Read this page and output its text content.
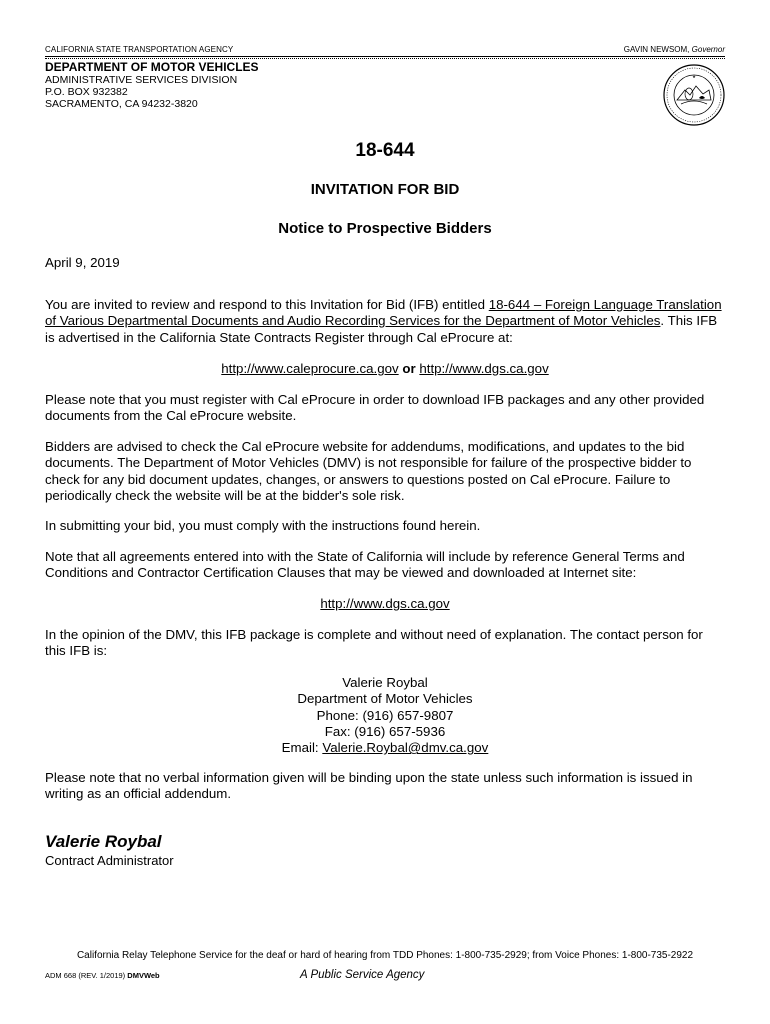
CALIFORNIA STATE TRANSPORTATION AGENCY	GAVIN NEWSOM, Governor
DEPARTMENT OF MOTOR VEHICLES
ADMINISTRATIVE SERVICES DIVISION
P.O. BOX 932382
SACRAMENTO, CA 94232-3820
★
18-644
INVITATION FOR BID
Notice to Prospective Bidders
April 9, 2019
You are invited to review and respond to this Invitation for Bid (IFB) entitled 18-644 – Foreign Language Translation of Various Departmental Documents and Audio Recording Services for the Department of Motor Vehicles. This IFB is advertised in the California State Contracts Register through Cal eProcure at:
http://www.caleprocure.ca.gov or http://www.dgs.ca.gov
Please note that you must register with Cal eProcure in order to download IFB packages and any other provided documents from the Cal eProcure website.
Bidders are advised to check the Cal eProcure website for addendums, modifications, and updates to the bid documents. The Department of Motor Vehicles (DMV) is not responsible for failure of the prospective bidder to check for any bid document updates, changes, or answers to questions posted on Cal eProcure. Failure to periodically check the website will be at the bidder's sole risk.
In submitting your bid, you must comply with the instructions found herein.
Note that all agreements entered into with the State of California will include by reference General Terms and Conditions and Contractor Certification Clauses that may be viewed and downloaded at Internet site:
http://www.dgs.ca.gov
In the opinion of the DMV, this IFB package is complete and without need of explanation. The contact person for this IFB is:
Valerie Roybal
Department of Motor Vehicles
Phone: (916) 657-9807
Fax: (916) 657-5936
Email: Valerie.Roybal@dmv.ca.gov
Please note that no verbal information given will be binding upon the state unless such information is issued in writing as an official addendum.
Valerie Roybal
Contract Administrator
California Relay Telephone Service for the deaf or hard of hearing from TDD Phones: 1-800-735-2929; from Voice Phones: 1-800-735-2922
ADM 668 (REV. 1/2019) DMVWeb	A Public Service Agency
